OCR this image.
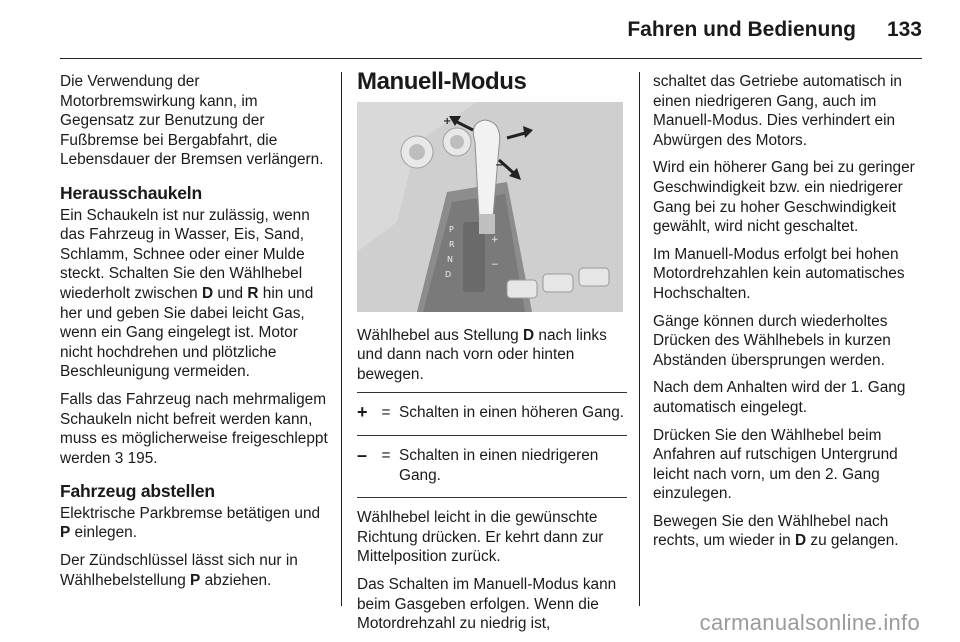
Fahren und Bedienung 133

Die Verwendung der Motorbremswirkung kann, im Gegensatz zur Benutzung der Fußbremse bei Bergabfahrt, die Lebensdauer der Bremsen verlängern.

Herausschaukeln

Ein Schaukeln ist nur zulässig, wenn das Fahrzeug in Wasser, Eis, Sand, Schlamm, Schnee oder einer Mulde steckt. Schalten Sie den Wählhebel wiederholt zwischen D und R hin und her und geben Sie dabei leicht Gas, wenn ein Gang eingelegt ist. Motor nicht hochdrehen und plötzliche Beschleunigung vermeiden.

Falls das Fahrzeug nach mehrmaligem Schaukeln nicht befreit werden kann, muss es möglicherweise freigeschleppt werden 3 195.

Fahrzeug abstellen

Elektrische Parkbremse betätigen und P einlegen.

Der Zündschlüssel lässt sich nur in Wählhebelstellung P abziehen.

Manuell-Modus
P
R
N
D
+
−
+
−

Wählhebel aus Stellung D nach links und dann nach vorn oder hinten bewegen.

+ = Schalten in einen höheren Gang.
– = Schalten in einen niedrigeren Gang.

Wählhebel leicht in die gewünschte Richtung drücken. Er kehrt dann zur Mittelposition zurück.

Das Schalten im Manuell-Modus kann beim Gasgeben erfolgen. Wenn die Motordrehzahl zu niedrig ist,

schaltet das Getriebe automatisch in einen niedrigeren Gang, auch im Manuell-Modus. Dies verhindert ein Abwürgen des Motors.

Wird ein höherer Gang bei zu geringer Geschwindigkeit bzw. ein niedrigerer Gang bei zu hoher Geschwindigkeit gewählt, wird nicht geschaltet.

Im Manuell-Modus erfolgt bei hohen Motordrehzahlen kein automatisches Hochschalten.

Gänge können durch wiederholtes Drücken des Wählhebels in kurzen Abständen übersprungen werden.

Nach dem Anhalten wird der 1. Gang automatisch eingelegt.

Drücken Sie den Wählhebel beim Anfahren auf rutschigen Untergrund leicht nach vorn, um den 2. Gang einzulegen.

Bewegen Sie den Wählhebel nach rechts, um wieder in D zu gelangen.

carmanualsonline.info
